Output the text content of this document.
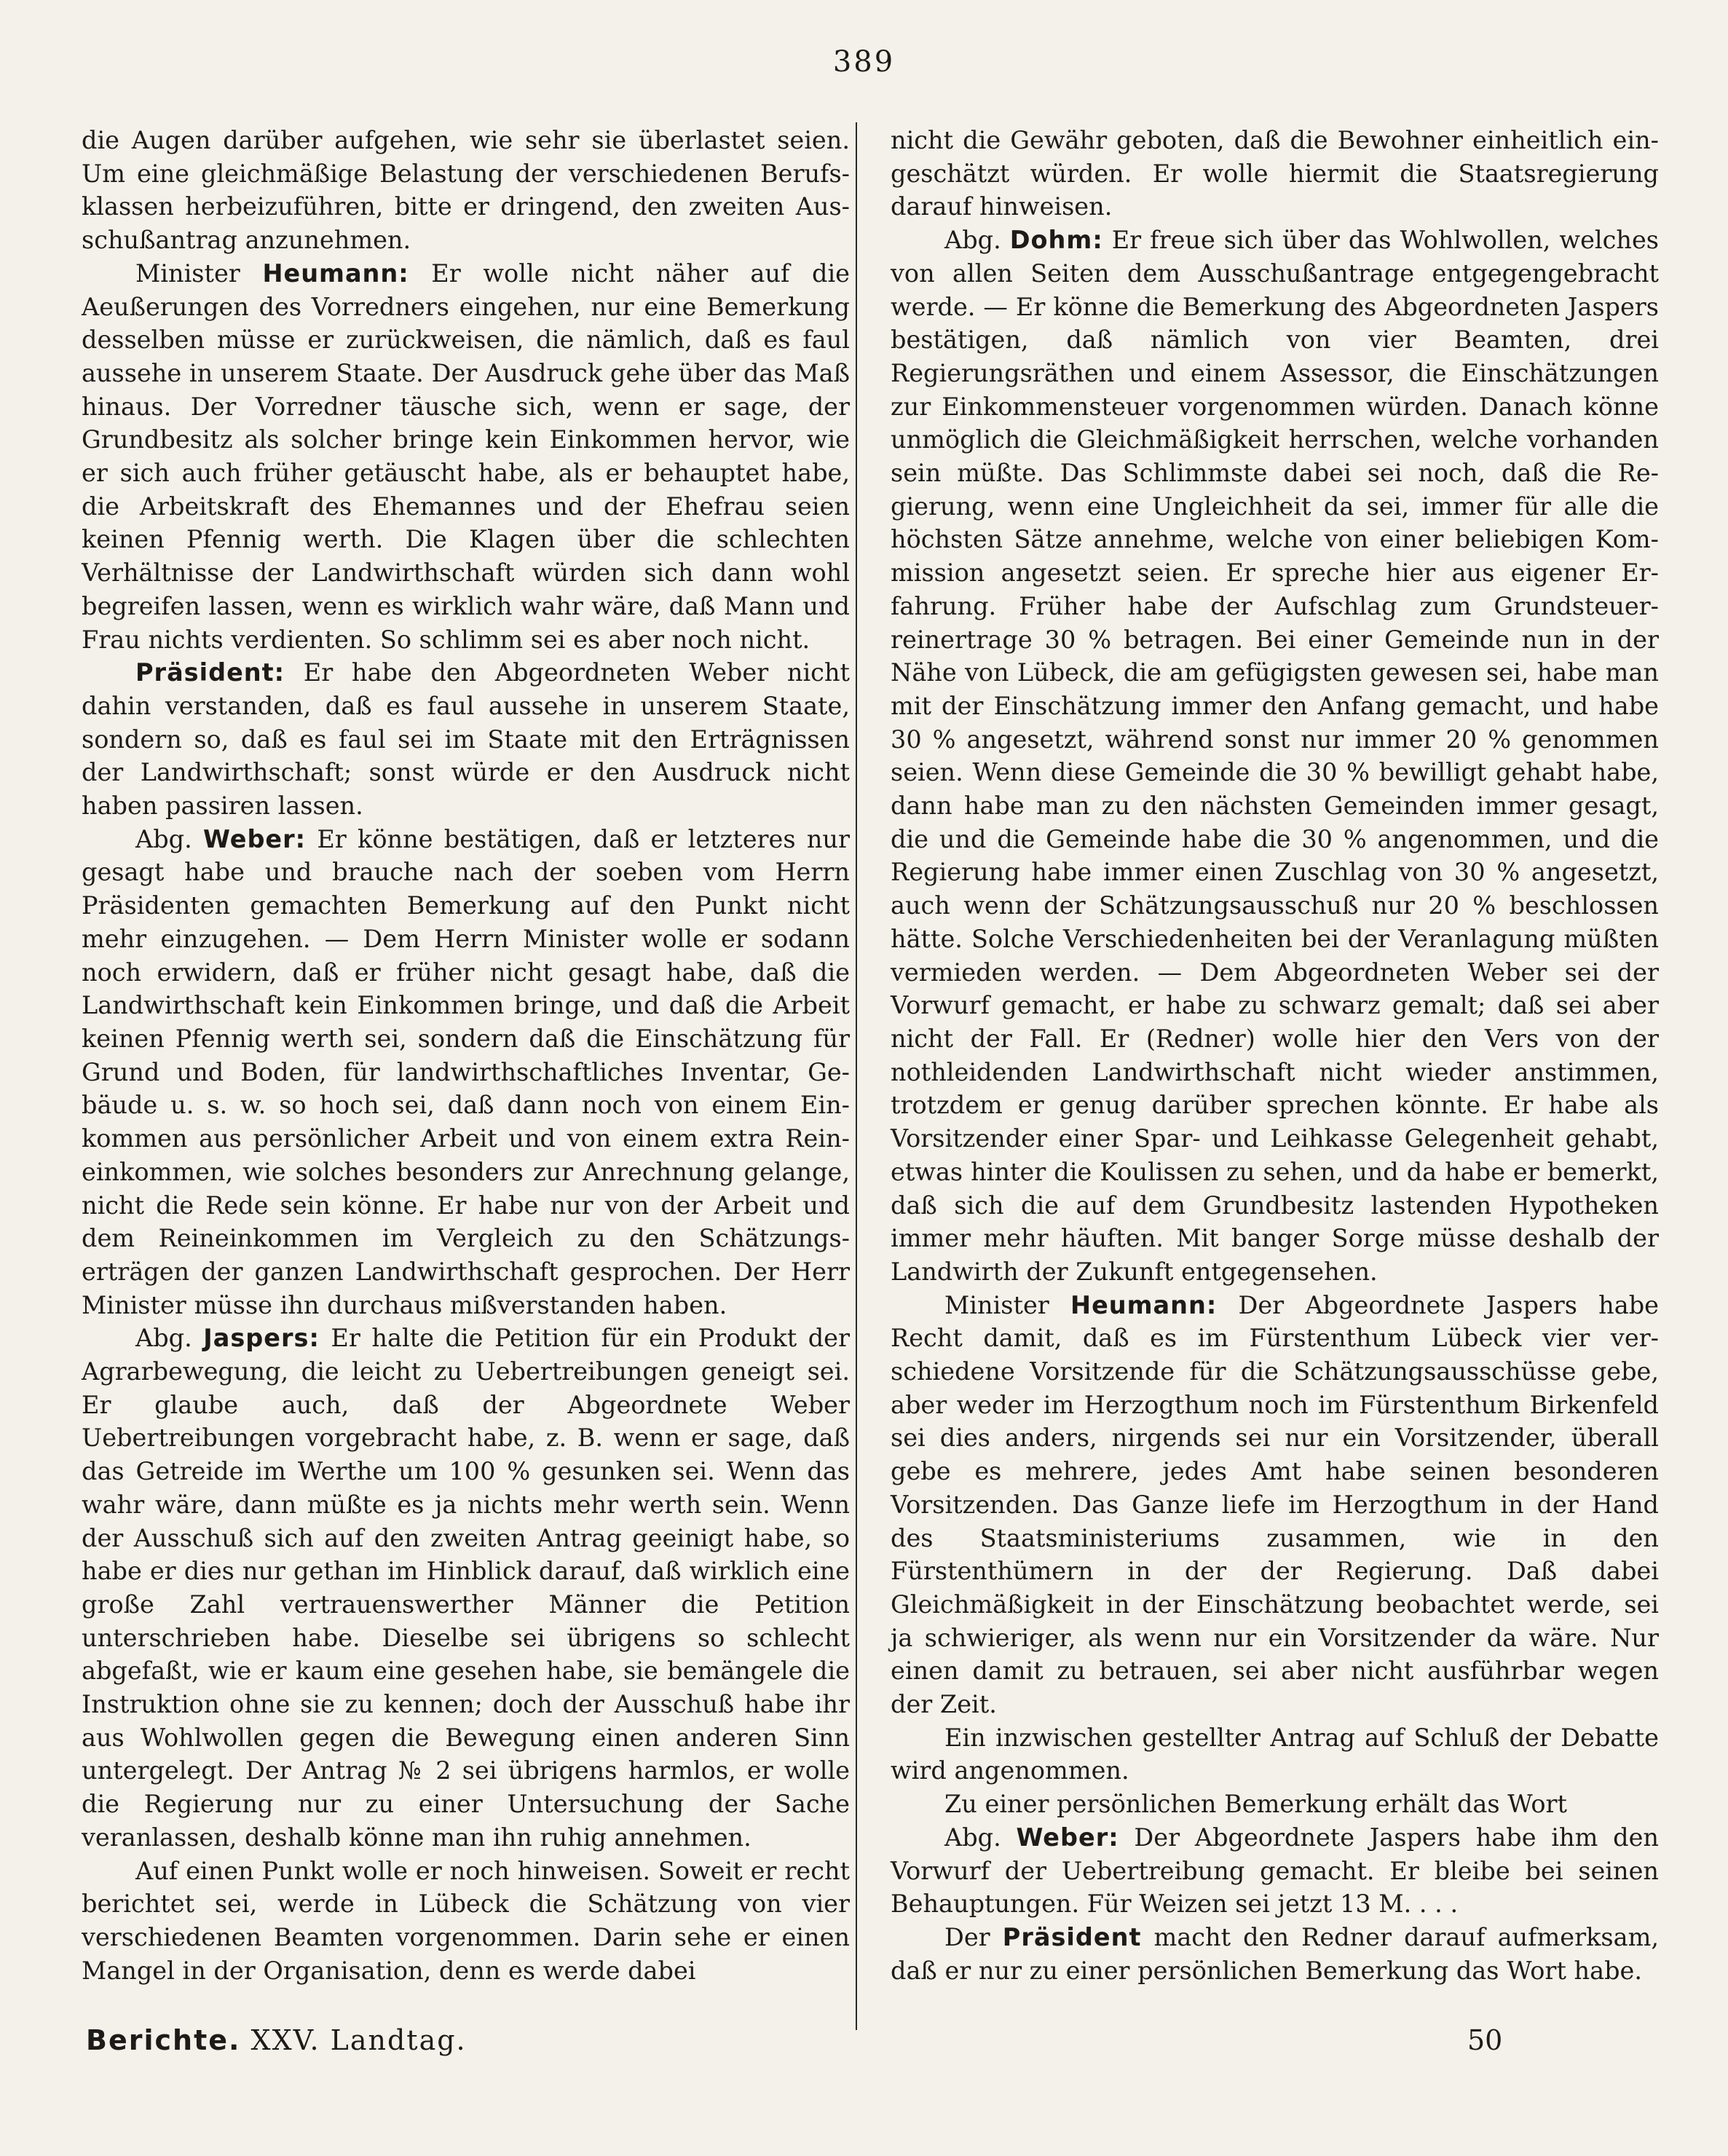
389

die Augen darüber aufgehen, wie sehr sie überlastet seien. Um eine gleichmäßige Belastung der verschiedenen Berufsklassen herbeizuführen, bitte er dringend, den zweiten Ausschußantrag anzunehmen.

Minister Heumann: Er wolle nicht näher auf die Aeußerungen des Vorredners eingehen, nur eine Bemerkung desselben müsse er zurückweisen, die nämlich, daß es faul aussehe in unserem Staate. Der Ausdruck gehe über das Maß hinaus. Der Vorredner täusche sich, wenn er sage, der Grundbesitz als solcher bringe kein Einkommen hervor, wie er sich auch früher getäuscht habe, als er behauptet habe, die Arbeitskraft des Ehemannes und der Ehefrau seien keinen Pfennig werth. Die Klagen über die schlechten Verhältnisse der Landwirthschaft würden sich dann wohl begreifen lassen, wenn es wirklich wahr wäre, daß Mann und Frau nichts verdienten. So schlimm sei es aber noch nicht.

Präsident: Er habe den Abgeordneten Weber nicht dahin verstanden, daß es faul aussehe in unserem Staate, sondern so, daß es faul sei im Staate mit den Erträgnissen der Landwirthschaft; sonst würde er den Ausdruck nicht haben passiren lassen.

Abg. Weber: Er könne bestätigen, daß er letzteres nur gesagt habe und brauche nach der soeben vom Herrn Präsidenten gemachten Bemerkung auf den Punkt nicht mehr einzugehen. — Dem Herrn Minister wolle er sodann noch erwidern, daß er früher nicht gesagt habe, daß die Landwirthschaft kein Einkommen bringe, und daß die Arbeit keinen Pfennig werth sei, sondern daß die Einschätzung für Grund und Boden, für landwirthschaftliches Inventar, Gebäude u. s. w. so hoch sei, daß dann noch von einem Einkommen aus persönlicher Arbeit und von einem extra Reineinkommen, wie solches besonders zur Anrechnung gelange, nicht die Rede sein könne. Er habe nur von der Arbeit und dem Reineinkommen im Vergleich zu den Schätzungserträgen der ganzen Landwirthschaft gesprochen. Der Herr Minister müsse ihn durchaus mißverstanden haben.

Abg. Jaspers: Er halte die Petition für ein Produkt der Agrarbewegung, die leicht zu Uebertreibungen geneigt sei. Er glaube auch, daß der Abgeordnete Weber Uebertreibungen vorgebracht habe, z. B. wenn er sage, daß das Getreide im Werthe um 100 % gesunken sei. Wenn das wahr wäre, dann müßte es ja nichts mehr werth sein. Wenn der Ausschuß sich auf den zweiten Antrag geeinigt habe, so habe er dies nur gethan im Hinblick darauf, daß wirklich eine große Zahl vertrauenswerther Männer die Petition unterschrieben habe. Dieselbe sei übrigens so schlecht abgefaßt, wie er kaum eine gesehen habe, sie bemängele die Instruktion ohne sie zu kennen; doch der Ausschuß habe ihr aus Wohlwollen gegen die Bewegung einen anderen Sinn untergelegt. Der Antrag № 2 sei übrigens harmlos, er wolle die Regierung nur zu einer Untersuchung der Sache veranlassen, deshalb könne man ihn ruhig annehmen.

Auf einen Punkt wolle er noch hinweisen. Soweit er recht berichtet sei, werde in Lübeck die Schätzung von vier verschiedenen Beamten vorgenommen. Darin sehe er einen Mangel in der Organisation, denn es werde dabei

nicht die Gewähr geboten, daß die Bewohner einheitlich eingeschätzt würden. Er wolle hiermit die Staatsregierung darauf hinweisen.

Abg. Dohm: Er freue sich über das Wohlwollen, welches von allen Seiten dem Ausschußantrage entgegengebracht werde. — Er könne die Bemerkung des Abgeordneten Jaspers bestätigen, daß nämlich von vier Beamten, drei Regierungsräthen und einem Assessor, die Einschätzungen zur Einkommensteuer vorgenommen würden. Danach könne unmöglich die Gleichmäßigkeit herrschen, welche vorhanden sein müßte. Das Schlimmste dabei sei noch, daß die Regierung, wenn eine Ungleichheit da sei, immer für alle die höchsten Sätze annehme, welche von einer beliebigen Kommission angesetzt seien. Er spreche hier aus eigener Erfahrung. Früher habe der Aufschlag zum Grundsteuerreinertrage 30 % betragen. Bei einer Gemeinde nun in der Nähe von Lübeck, die am gefügigsten gewesen sei, habe man mit der Einschätzung immer den Anfang gemacht, und habe 30 % angesetzt, während sonst nur immer 20 % genommen seien. Wenn diese Gemeinde die 30 % bewilligt gehabt habe, dann habe man zu den nächsten Gemeinden immer gesagt, die und die Gemeinde habe die 30 % angenommen, und die Regierung habe immer einen Zuschlag von 30 % angesetzt, auch wenn der Schätzungsausschuß nur 20 % beschlossen hätte. Solche Verschiedenheiten bei der Veranlagung müßten vermieden werden. — Dem Abgeordneten Weber sei der Vorwurf gemacht, er habe zu schwarz gemalt; daß sei aber nicht der Fall. Er (Redner) wolle hier den Vers von der nothleidenden Landwirthschaft nicht wieder anstimmen, trotzdem er genug darüber sprechen könnte. Er habe als Vorsitzender einer Spar- und Leihkasse Gelegenheit gehabt, etwas hinter die Koulissen zu sehen, und da habe er bemerkt, daß sich die auf dem Grundbesitz lastenden Hypotheken immer mehr häuften. Mit banger Sorge müsse deshalb der Landwirth der Zukunft entgegensehen.

Minister Heumann: Der Abgeordnete Jaspers habe Recht damit, daß es im Fürstenthum Lübeck vier verschiedene Vorsitzende für die Schätzungsausschüsse gebe, aber weder im Herzogthum noch im Fürstenthum Birkenfeld sei dies anders, nirgends sei nur ein Vorsitzender, überall gebe es mehrere, jedes Amt habe seinen besonderen Vorsitzenden. Das Ganze liefe im Herzogthum in der Hand des Staatsministeriums zusammen, wie in den Fürstenthümern in der der Regierung. Daß dabei Gleichmäßigkeit in der Einschätzung beobachtet werde, sei ja schwieriger, als wenn nur ein Vorsitzender da wäre. Nur einen damit zu betrauen, sei aber nicht ausführbar wegen der Zeit.

Ein inzwischen gestellter Antrag auf Schluß der Debatte wird angenommen.

Zu einer persönlichen Bemerkung erhält das Wort

Abg. Weber: Der Abgeordnete Jaspers habe ihm den Vorwurf der Uebertreibung gemacht. Er bleibe bei seinen Behauptungen. Für Weizen sei jetzt 13 M. . . .

Der Präsident macht den Redner darauf aufmerksam, daß er nur zu einer persönlichen Bemerkung das Wort habe.

Berichte. XXV. Landtag.	50
